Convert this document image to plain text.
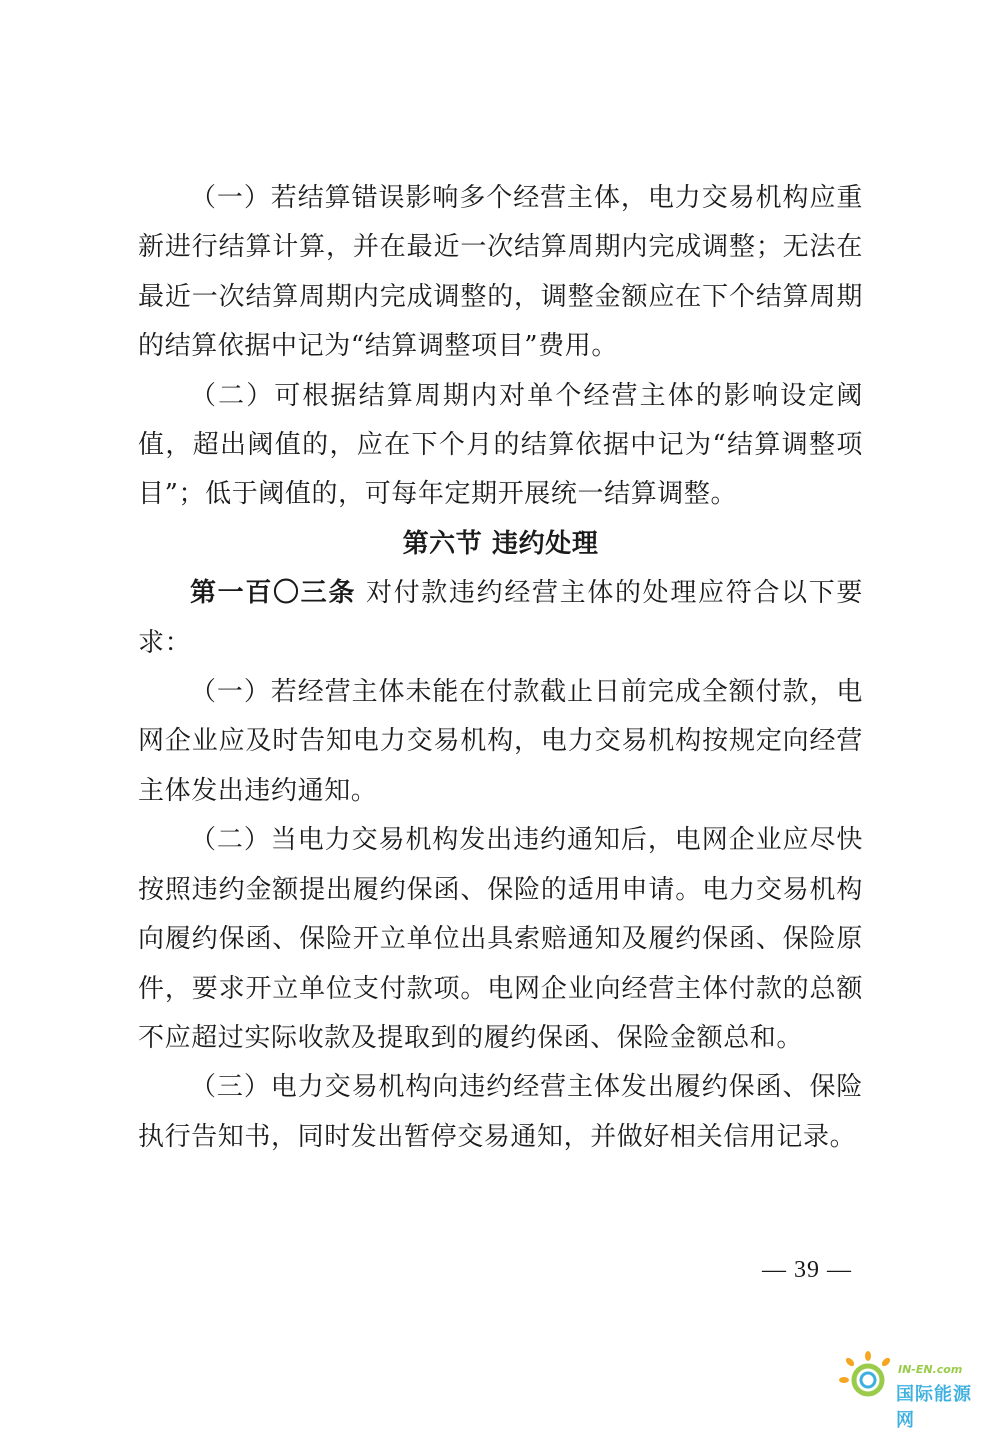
（一）若结算错误影响多个经营主体，电力交易机构应重新进行结算计算，并在最近一次结算周期内完成调整；无法在最近一次结算周期内完成调整的，调整金额应在下个结算周期的结算依据中记为“结算调整项目”费用。

（二）可根据结算周期内对单个经营主体的影响设定阈值，超出阈值的，应在下个月的结算依据中记为“结算调整项目”；低于阈值的，可每年定期开展统一结算调整。

第六节 违约处理

第一百〇三条 对付款违约经营主体的处理应符合以下要求：

（一）若经营主体未能在付款截止日前完成全额付款，电网企业应及时告知电力交易机构，电力交易机构按规定向经营主体发出违约通知。

（二）当电力交易机构发出违约通知后，电网企业应尽快按照违约金额提出履约保函、保险的适用申请。电力交易机构向履约保函、保险开立单位出具索赔通知及履约保函、保险原件，要求开立单位支付款项。电网企业向经营主体付款的总额不应超过实际收款及提取到的履约保函、保险金额总和。

（三）电力交易机构向违约经营主体发出履约保函、保险执行告知书，同时发出暂停交易通知，并做好相关信用记录。

— 39 —
IN-EN.com
国际能源网
